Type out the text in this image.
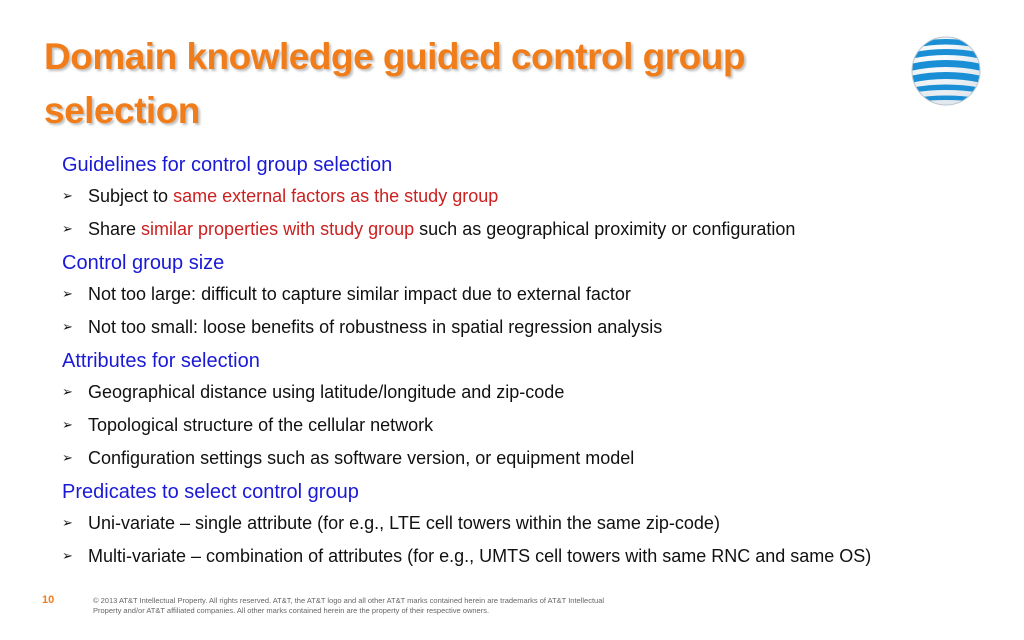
Domain knowledge guided control group selection
Guidelines for control group selection
➢ Subject to same external factors as the study group
➢ Share similar properties with study group such as geographical proximity or configuration
Control group size
➢ Not too large: difficult to capture similar impact due to external factor
➢ Not too small: loose benefits of robustness in spatial regression analysis
Attributes for selection
➢ Geographical distance using latitude/longitude and zip-code
➢ Topological structure of the cellular network
➢ Configuration settings such as software version, or equipment model
Predicates to select control group
➢ Uni-variate – single attribute (for e.g., LTE cell towers within the same zip-code)
➢ Multi-variate – combination of attributes (for e.g., UMTS cell towers with same RNC and same OS)
10	© 2013 AT&T Intellectual Property. All rights reserved. AT&T, the AT&T logo and all other AT&T marks contained herein are trademarks of AT&T Intellectual Property and/or AT&T affiliated companies. All other marks contained herein are the property of their respective owners.
